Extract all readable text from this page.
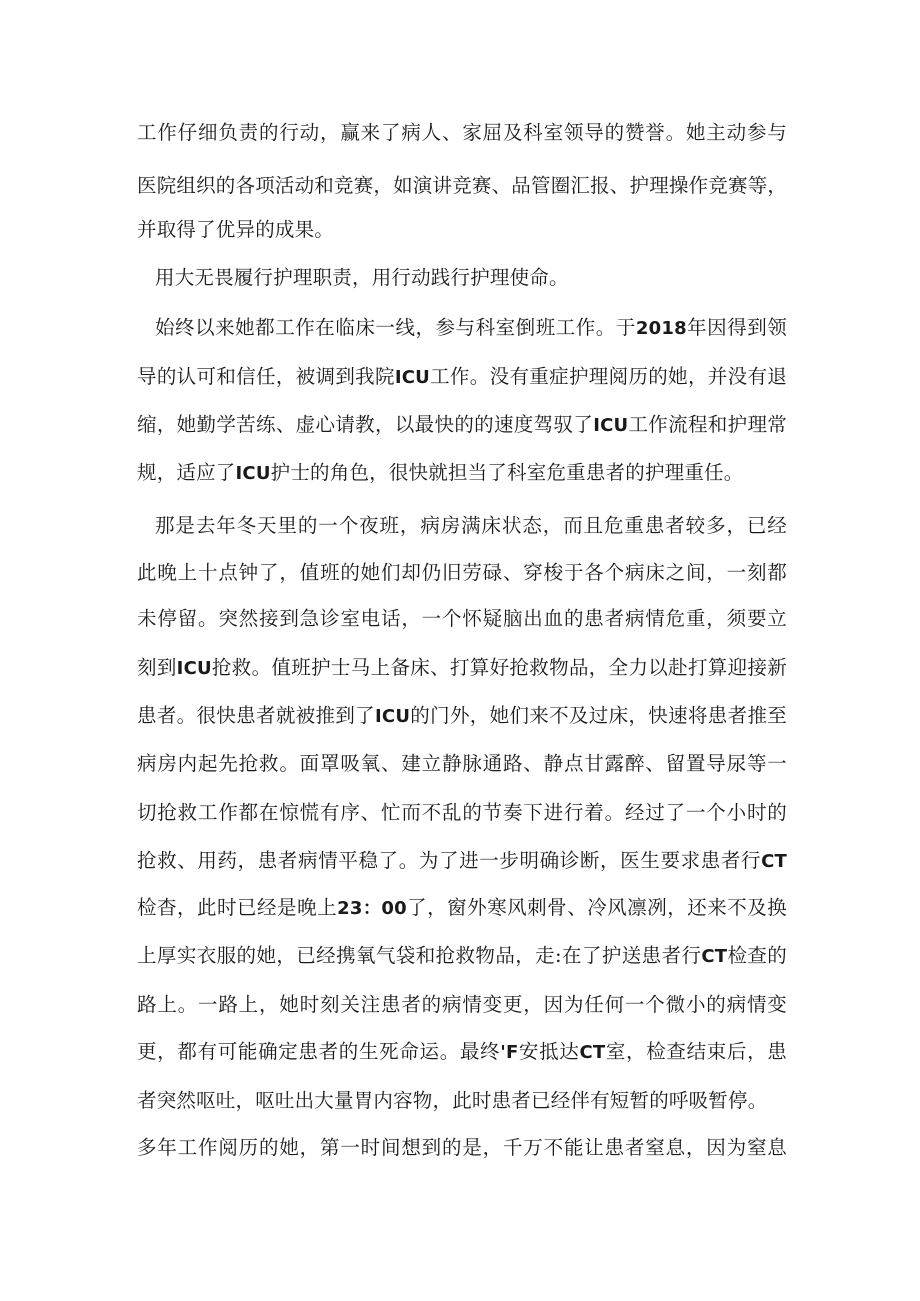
工作仔细负责的行动，赢来了病人、家屈及科室领导的赞誉。她主动参与
医院组织的各项活动和竞赛，如演讲竞赛、品管圈汇报、护理操作竞赛等，
并取得了优异的成果。
用大无畏履行护理职责，用行动践行护理使命。
始终以来她都工作在临床一线，参与科室倒班工作。于2018年因得到领
导的认可和信任，被调到我院ICU工作。没有重症护理阅历的她，并没有退
缩，她勤学苦练、虚心请教，以最快的的速度驾驭了ICU工作流程和护理常
规，适应了ICU护士的角色，很快就担当了科室危重患者的护理重任。
那是去年冬天里的一个夜班，病房满床状态，而且危重患者较多，已经
此晚上十点钟了，值班的她们却仍旧劳碌、穿梭于各个病床之间，一刻都
未停留。突然接到急诊室电话，一个怀疑脑出血的患者病情危重，须要立
刻到ICU抢救。值班护士马上备床、打算好抢救物品，全力以赴打算迎接新
患者。很快患者就被推到了ICU的门外，她们来不及过床，快速将患者推至
病房内起先抢救。面罩吸氧、建立静脉通路、静点甘露醉、留置导尿等一
切抢救工作都在惊慌有序、忙而不乱的节奏下进行着。经过了一个小时的
抢救、用药，患者病情平稳了。为了进一步明确诊断，医生要求患者行CT
检杳，此时已经是晚上23：00了，窗外寒风刺骨、冷风凛冽，还来不及换
上厚实衣服的她，已经携氧气袋和抢救物品，走:在了护送患者行CT检查的
路上。一路上，她时刻关注患者的病情变更，因为任何一个微小的病情变
更，都有可能确定患者的生死命运。最终'F安抵达CT室，检查结束后，患
者突然呕吐，呕吐出大量胃内容物，此时患者已经伴有短暂的呼吸暂停。
多年工作阅历的她，第一时间想到的是，千万不能让患者窒息，因为窒息
